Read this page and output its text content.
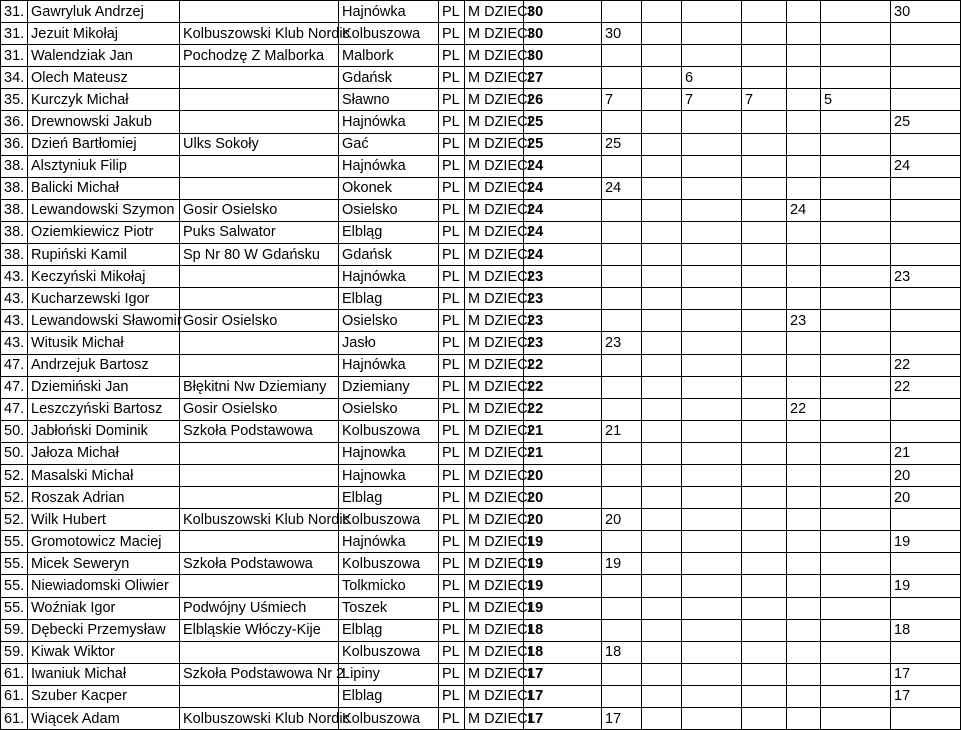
31.	Gawryluk Andrzej		Hajnówka	PL	M DZIECI	30							30	
31.	Jezuit Mikołaj	Kolbuszowski Klub Nordic	Kolbuszowa	PL	M DZIECI	30	30							
31.	Walendziak Jan	Pochodzę Z Malborka	Malbork	PL	M DZIECI	30								
34.	Olech Mateusz		Gdańsk	PL	M DZIECI	27			6					
35.	Kurczyk Michał		Sławno	PL	M DZIECI	26	7		7	7		5		
36.	Drewnowski Jakub		Hajnówka	PL	M DZIECI	25							25	
36.	Dzień Bartłomiej	Ulks Sokoły	Gać	PL	M DZIECI	25	25							
38.	Alsztyniuk Filip		Hajnówka	PL	M DZIECI	24							24	
38.	Balicki Michał		Okonek	PL	M DZIECI	24	24							
38.	Lewandowski Szymon	Gosir Osielsko	Osielsko	PL	M DZIECI	24					24			
38.	Oziemkiewicz Piotr	Puks Salwator	Elbląg	PL	M DZIECI	24								
38.	Rupiński Kamil	Sp Nr 80 W Gdańsku	Gdańsk	PL	M DZIECI	24								
43.	Keczyński Mikołaj		Hajnówka	PL	M DZIECI	23							23	
43.	Kucharzewski Igor		Elblag	PL	M DZIECI	23								
43.	Lewandowski Sławomir	Gosir Osielsko	Osielsko	PL	M DZIECI	23					23			
43.	Witusik Michał		Jasło	PL	M DZIECI	23	23							
47.	Andrzejuk Bartosz		Hajnówka	PL	M DZIECI	22							22	
47.	Dziemiński Jan	Błękitni Nw Dziemiany	Dziemiany	PL	M DZIECI	22							22	
47.	Leszczyński Bartosz	Gosir Osielsko	Osielsko	PL	M DZIECI	22					22			
50.	Jabłoński Dominik	Szkoła Podstawowa	Kolbuszowa	PL	M DZIECI	21	21							
50.	Jałoza Michał		Hajnowka	PL	M DZIECI	21							21	
52.	Masalski Michał		Hajnowka	PL	M DZIECI	20							20	
52.	Roszak Adrian		Elblag	PL	M DZIECI	20							20	
52.	Wilk Hubert	Kolbuszowski Klub Nordic	Kolbuszowa	PL	M DZIECI	20	20							
55.	Gromotowicz Maciej		Hajnówka	PL	M DZIECI	19							19	
55.	Micek Seweryn	Szkoła Podstawowa	Kolbuszowa	PL	M DZIECI	19	19							
55.	Niewiadomski Oliwier		Tolkmicko	PL	M DZIECI	19							19	
55.	Woźniak Igor	Podwójny Uśmiech	Toszek	PL	M DZIECI	19								
59.	Dębecki Przemysław	Elbląskie Włóczy-Kije	Elbląg	PL	M DZIECI	18							18	
59.	Kiwak Wiktor		Kolbuszowa	PL	M DZIECI	18	18							
61.	Iwaniuk Michał	Szkoła Podstawowa Nr 2	Lipiny	PL	M DZIECI	17							17	
61.	Szuber Kacper		Elblag	PL	M DZIECI	17							17	
61.	Wiącek Adam	Kolbuszowski Klub Nordic	Kolbuszowa	PL	M DZIECI	17	17							
